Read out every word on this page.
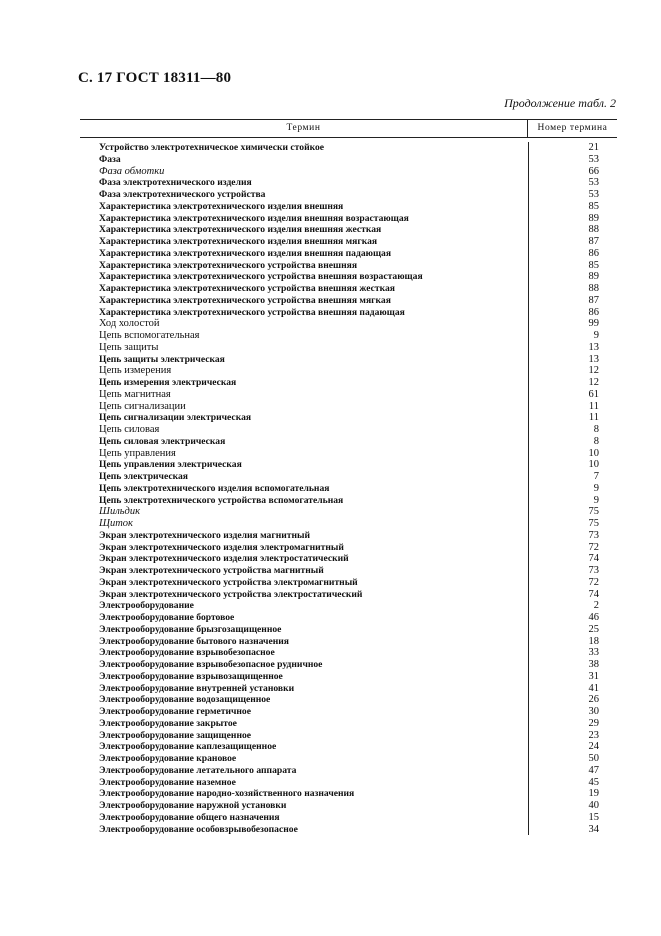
С. 17 ГОСТ 18311—80
Продолжение табл. 2
Термин	Номер термина
Устройство электротехническое химически стойкое	21
Фаза	53
Фаза обмотки	66
Фаза электротехнического изделия	53
Фаза электротехнического устройства	53
Характеристика электротехнического изделия внешняя	85
Характеристика электротехнического изделия внешняя возрастающая	89
Характеристика электротехнического изделия внешняя жесткая	88
Характеристика электротехнического изделия внешняя мягкая	87
Характеристика электротехнического изделия внешняя падающая	86
Характеристика электротехнического устройства внешняя	85
Характеристика электротехнического устройства внешняя возрастающая	89
Характеристика электротехнического устройства внешняя жесткая	88
Характеристика электротехнического устройства внешняя мягкая	87
Характеристика электротехнического устройства внешняя падающая	86
Ход холостой	99
Цепь вспомогательная	9
Цепь защиты	13
Цепь защиты электрическая	13
Цепь измерения	12
Цепь измерения электрическая	12
Цепь магнитная	61
Цепь сигнализации	11
Цепь сигнализации электрическая	11
Цепь силовая	8
Цепь силовая электрическая	8
Цепь управления	10
Цепь управления электрическая	10
Цепь электрическая	7
Цепь электротехнического изделия вспомогательная	9
Цепь электротехнического устройства вспомогательная	9
Шильдик	75
Щиток	75
Экран электротехнического изделия магнитный	73
Экран электротехнического изделия электромагнитный	72
Экран электротехнического изделия электростатический	74
Экран электротехнического устройства магнитный	73
Экран электротехнического устройства электромагнитный	72
Экран электротехнического устройства электростатический	74
Электрооборудование	2
Электрооборудование бортовое	46
Электрооборудование брызгозащищенное	25
Электрооборудование бытового назначения	18
Электрооборудование взрывобезопасное	33
Электрооборудование взрывобезопасное рудничное	38
Электрооборудование взрывозащищенное	31
Электрооборудование внутренней установки	41
Электрооборудование водозащищенное	26
Электрооборудование герметичное	30
Электрооборудование закрытое	29
Электрооборудование защищенное	23
Электрооборудование каплезащищенное	24
Электрооборудование крановое	50
Электрооборудование летательного аппарата	47
Электрооборудование наземное	45
Электрооборудование народно-хозяйственного назначения	19
Электрооборудование наружной установки	40
Электрооборудование общего назначения	15
Электрооборудование особовзрывобезопасное	34
